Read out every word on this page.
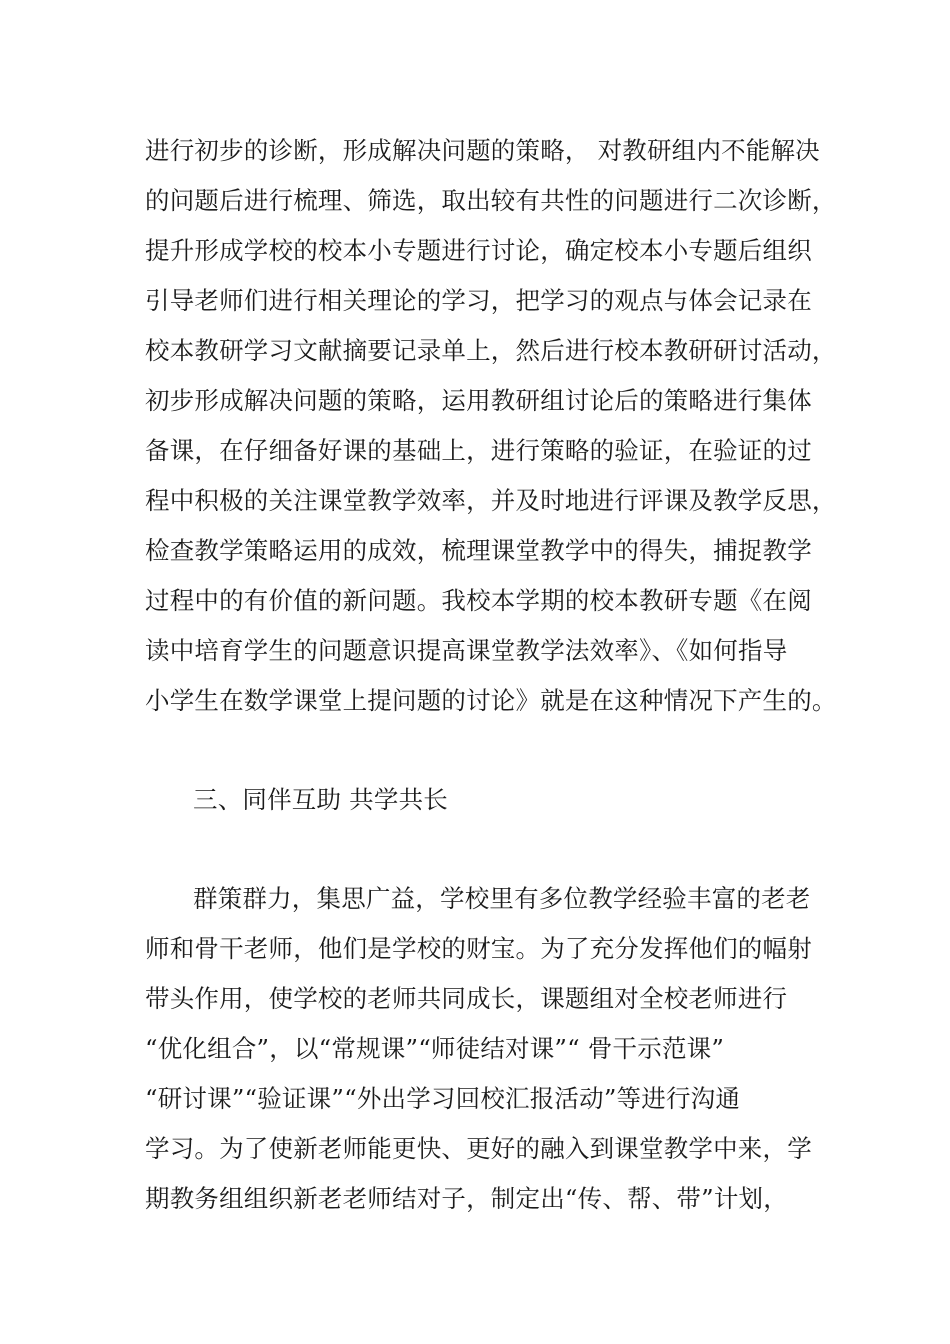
进行初步的诊断，形成解决问题的策略， 对教研组内不能解决
的问题后进行梳理、筛选，取出较有共性的问题进行二次诊断，
提升形成学校的校本小专题进行讨论，确定校本小专题后组织
引导老师们进行相关理论的学习，把学习的观点与体会记录在
校本教研学习文献摘要记录单上，然后进行校本教研研讨活动，
初步形成解决问题的策略，运用教研组讨论后的策略进行集体
备课，在仔细备好课的基础上，进行策略的验证，在验证的过
程中积极的关注课堂教学效率，并及时地进行评课及教学反思，
检查教学策略运用的成效，梳理课堂教学中的得失，捕捉教学
过程中的有价值的新问题。我校本学期的校本教研专题《在阅
读中培育学生的问题意识提高课堂教学法效率》、《如何指导
小学生在数学课堂上提问题的讨论》就是在这种情况下产生的。
三、同伴互助 共学共长
群策群力，集思广益，学校里有多位教学经验丰富的老老
师和骨干老师，他们是学校的财宝。为了充分发挥他们的幅射
带头作用，使学校的老师共同成长，课题组对全校老师进行
“优化组合”，以“常规课”“师徒结对课”“ 骨干示范课”
“研讨课”“验证课”“外出学习回校汇报活动”等进行沟通
学习。为了使新老师能更快、更好的融入到课堂教学中来，学
期教务组组织新老老师结对子，制定出“传、帮、带”计划，
